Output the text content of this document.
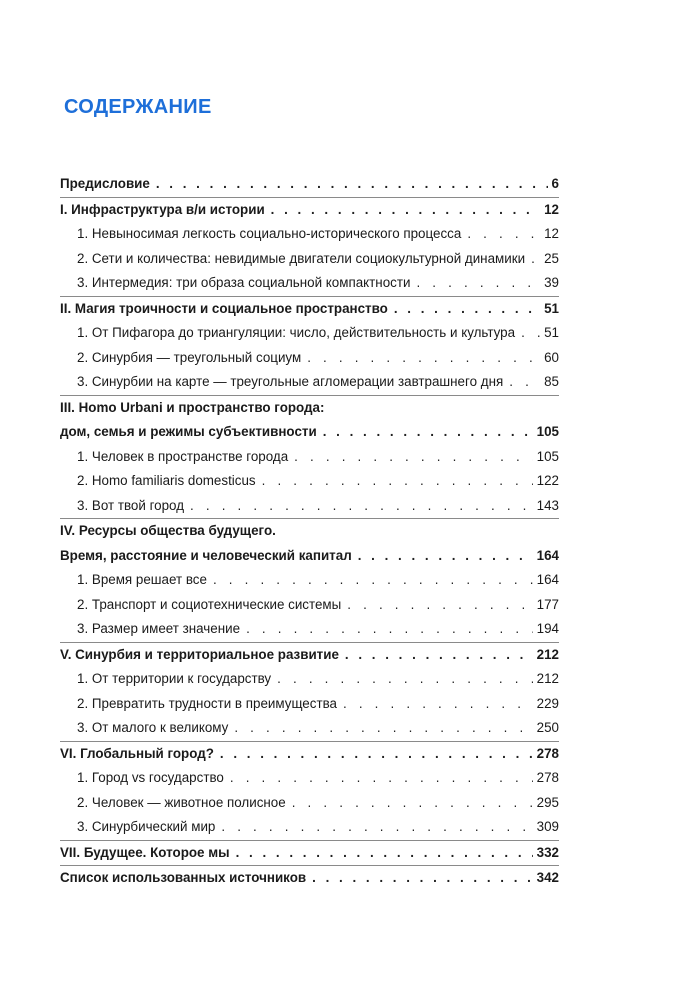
СОДЕРЖАНИЕ
Предисловие . . .	6
I. Инфраструктура в/и истории . . .	12
1. Невыносимая легкость социально-исторического процесса . . .	12
2. Сети и количества: невидимые двигатели социокультурной динамики . . . 25
3. Интермедия: три образа социальной компактности . . .	39
II. Магия троичности и социальное пространство . . .	51
1. От Пифагора до триангуляции: число, действительность и культура . . . 51
2. Синурбия — треугольный социум . . .	60
3. Синурбии на карте — треугольные агломерации завтрашнего дня . . .	85
III. Homo Urbani и пространство города:
дом, семья и режимы субъективности . . .	105
1. Человек в пространстве города . . .	105
2. Homo familiaris domesticus . . .	122
3. Вот твой город . . .	143
IV. Ресурсы общества будущего.
Время, расстояние и человеческий капитал . . .	164
1. Время решает все . . .	164
2. Транспорт и социотехнические системы . . .	177
3. Размер имеет значение . . .	194
V. Синурбия и территориальное развитие . . .	212
1. От территории к государству . . .	212
2. Превратить трудности в преимущества . . .	229
3. От малого к великому . . .	250
VI. Глобальный город? . . .	278
1. Город vs государство . . .	278
2. Человек — животное полисное . . .	295
3. Синурбический мир . . .	309
VII. Будущее. Которое мы . . .	332
Список использованных источников . . .	342
